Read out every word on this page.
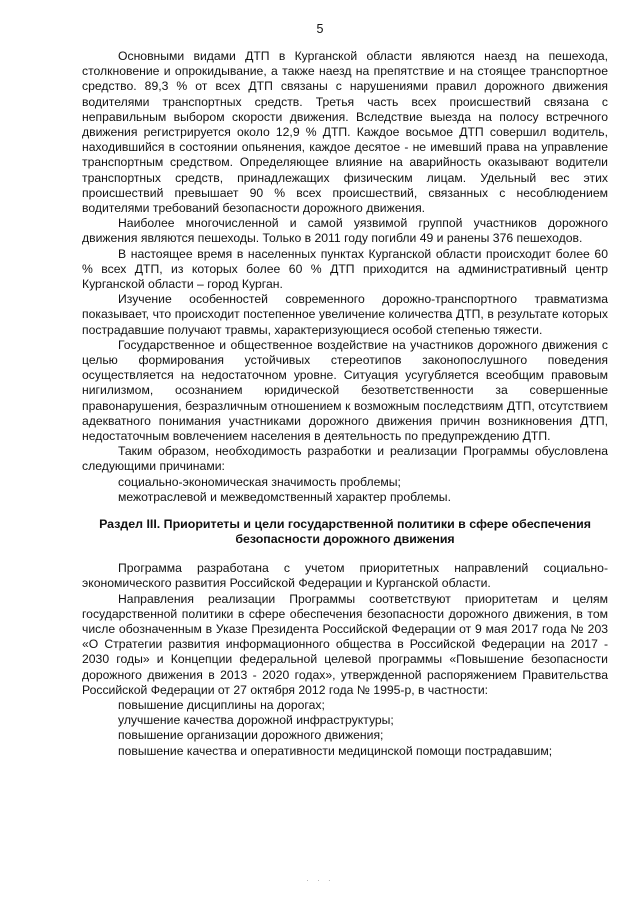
5

Основными видами ДТП в Курганской области являются наезд на пешехода, столкновение и опрокидывание, а также наезд на препятствие и на стоящее транспортное средство. 89,3 % от всех ДТП связаны с нарушениями правил дорожного движения водителями транспортных средств. Третья часть всех происшествий связана с неправильным выбором скорости движения. Вследствие выезда на полосу встречного движения регистрируется около 12,9 % ДТП. Каждое восьмое ДТП совершил водитель, находившийся в состоянии опьянения, каждое десятое - не имевший права на управление транспортным средством. Определяющее влияние на аварийность оказывают водители транспортных средств, принадлежащих физическим лицам. Удельный вес этих происшествий превышает 90 % всех происшествий, связанных с несоблюдением водителями требований безопасности дорожного движения.

Наиболее многочисленной и самой уязвимой группой участников дорожного движения являются пешеходы. Только в 2011 году погибли 49 и ранены 376 пешеходов.

В настоящее время в населенных пунктах Курганской области происходит более 60 % всех ДТП, из которых более 60 % ДТП приходится на административный центр Курганской области – город Курган.

Изучение особенностей современного дорожно-транспортного травматизма показывает, что происходит постепенное увеличение количества ДТП, в результате которых пострадавшие получают травмы, характеризующиеся особой степенью тяжести.

Государственное и общественное воздействие на участников дорожного движения с целью формирования устойчивых стереотипов законопослушного поведения осуществляется на недостаточном уровне. Ситуация усугубляется всеобщим правовым нигилизмом, осознанием юридической безответственности за совершенные правонарушения, безразличным отношением к возможным последствиям ДТП, отсутствием адекватного понимания участниками дорожного движения причин возникновения ДТП, недостаточным вовлечением населения в деятельность по предупреждению ДТП.

Таким образом, необходимость разработки и реализации Программы обусловлена следующими причинами:

социально-экономическая значимость проблемы;

межотраслевой и межведомственный характер проблемы.

Раздел III. Приоритеты и цели государственной политики в сфере обеспечения безопасности дорожного движения

Программа разработана с учетом приоритетных направлений социально-экономического развития Российской Федерации и Курганской области.

Направления реализации Программы соответствуют приоритетам и целям государственной политики в сфере обеспечения безопасности дорожного движения, в том числе обозначенным в Указе Президента Российской Федерации от 9 мая 2017 года № 203 «О Стратегии развития информационного общества в Российской Федерации на 2017 - 2030 годы» и Концепции федеральной целевой программы «Повышение безопасности дорожного движения в 2013 - 2020 годах», утвержденной распоряжением Правительства Российской Федерации от 27 октября 2012 года № 1995-р, в частности:

повышение дисциплины на дорогах;

улучшение качества дорожной инфраструктуры;

повышение организации дорожного движения;

повышение качества и оперативности медицинской помощи пострадавшим;

· · ·
